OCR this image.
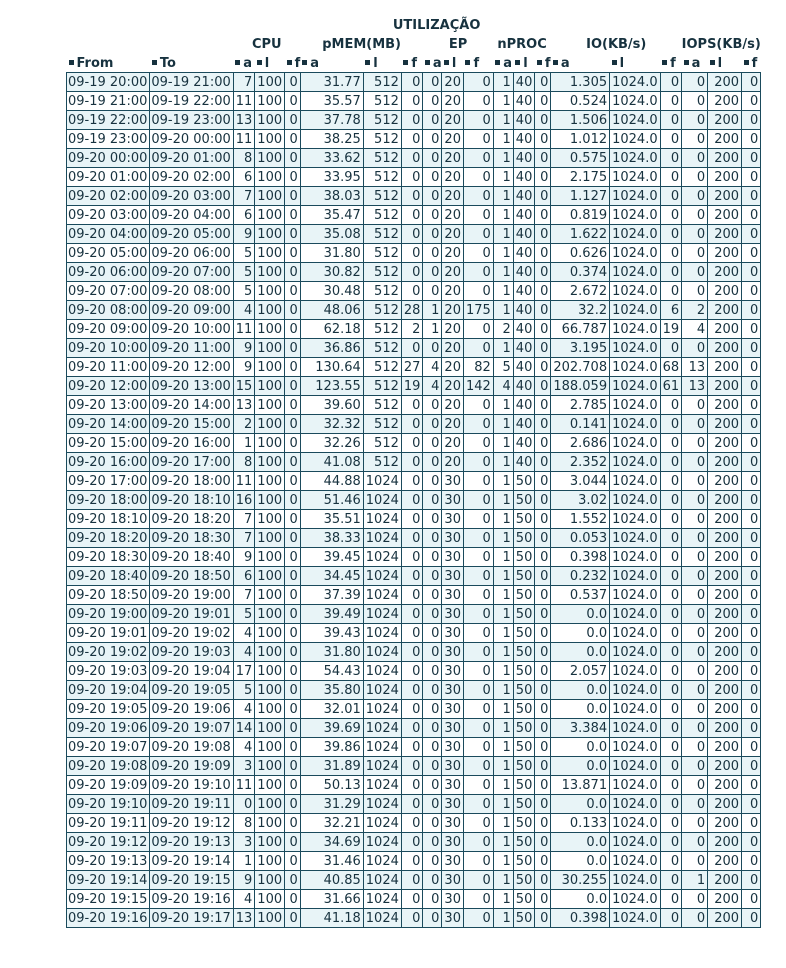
UTILIZAÇÃO																			
		CPU			pMEM(MB)			EP			nPROC			IO(KB/s)			IOPS(KB/s)		
From	To	a	l	f	a	l	f	a	l	f	a	l	f	a	l	f	a	l	f
09-19 20:00	09-19 21:00	7	100	0	31.77	512	0	0	20	0	1	40	0	1.305	1024.0	0	0	200	0
09-19 21:00	09-19 22:00	11	100	0	35.57	512	0	0	20	0	1	40	0	0.524	1024.0	0	0	200	0
09-19 22:00	09-19 23:00	13	100	0	37.78	512	0	0	20	0	1	40	0	1.506	1024.0	0	0	200	0
09-19 23:00	09-20 00:00	11	100	0	38.25	512	0	0	20	0	1	40	0	1.012	1024.0	0	0	200	0
09-20 00:00	09-20 01:00	8	100	0	33.62	512	0	0	20	0	1	40	0	0.575	1024.0	0	0	200	0
09-20 01:00	09-20 02:00	6	100	0	33.95	512	0	0	20	0	1	40	0	2.175	1024.0	0	0	200	0
09-20 02:00	09-20 03:00	7	100	0	38.03	512	0	0	20	0	1	40	0	1.127	1024.0	0	0	200	0
09-20 03:00	09-20 04:00	6	100	0	35.47	512	0	0	20	0	1	40	0	0.819	1024.0	0	0	200	0
09-20 04:00	09-20 05:00	9	100	0	35.08	512	0	0	20	0	1	40	0	1.622	1024.0	0	0	200	0
09-20 05:00	09-20 06:00	5	100	0	31.80	512	0	0	20	0	1	40	0	0.626	1024.0	0	0	200	0
09-20 06:00	09-20 07:00	5	100	0	30.82	512	0	0	20	0	1	40	0	0.374	1024.0	0	0	200	0
09-20 07:00	09-20 08:00	5	100	0	30.48	512	0	0	20	0	1	40	0	2.672	1024.0	0	0	200	0
09-20 08:00	09-20 09:00	4	100	0	48.06	512	28	1	20	175	1	40	0	32.2	1024.0	6	2	200	0
09-20 09:00	09-20 10:00	11	100	0	62.18	512	2	1	20	0	2	40	0	66.787	1024.0	19	4	200	0
09-20 10:00	09-20 11:00	9	100	0	36.86	512	0	0	20	0	1	40	0	3.195	1024.0	0	0	200	0
09-20 11:00	09-20 12:00	9	100	0	130.64	512	27	4	20	82	5	40	0	202.708	1024.0	68	13	200	0
09-20 12:00	09-20 13:00	15	100	0	123.55	512	19	4	20	142	4	40	0	188.059	1024.0	61	13	200	0
09-20 13:00	09-20 14:00	13	100	0	39.60	512	0	0	20	0	1	40	0	2.785	1024.0	0	0	200	0
09-20 14:00	09-20 15:00	2	100	0	32.32	512	0	0	20	0	1	40	0	0.141	1024.0	0	0	200	0
09-20 15:00	09-20 16:00	1	100	0	32.26	512	0	0	20	0	1	40	0	2.686	1024.0	0	0	200	0
09-20 16:00	09-20 17:00	8	100	0	41.08	512	0	0	20	0	1	40	0	2.352	1024.0	0	0	200	0
09-20 17:00	09-20 18:00	11	100	0	44.88	1024	0	0	30	0	1	50	0	3.044	1024.0	0	0	200	0
09-20 18:00	09-20 18:10	16	100	0	51.46	1024	0	0	30	0	1	50	0	3.02	1024.0	0	0	200	0
09-20 18:10	09-20 18:20	7	100	0	35.51	1024	0	0	30	0	1	50	0	1.552	1024.0	0	0	200	0
09-20 18:20	09-20 18:30	7	100	0	38.33	1024	0	0	30	0	1	50	0	0.053	1024.0	0	0	200	0
09-20 18:30	09-20 18:40	9	100	0	39.45	1024	0	0	30	0	1	50	0	0.398	1024.0	0	0	200	0
09-20 18:40	09-20 18:50	6	100	0	34.45	1024	0	0	30	0	1	50	0	0.232	1024.0	0	0	200	0
09-20 18:50	09-20 19:00	7	100	0	37.39	1024	0	0	30	0	1	50	0	0.537	1024.0	0	0	200	0
09-20 19:00	09-20 19:01	5	100	0	39.49	1024	0	0	30	0	1	50	0	0.0	1024.0	0	0	200	0
09-20 19:01	09-20 19:02	4	100	0	39.43	1024	0	0	30	0	1	50	0	0.0	1024.0	0	0	200	0
09-20 19:02	09-20 19:03	4	100	0	31.80	1024	0	0	30	0	1	50	0	0.0	1024.0	0	0	200	0
09-20 19:03	09-20 19:04	17	100	0	54.43	1024	0	0	30	0	1	50	0	2.057	1024.0	0	0	200	0
09-20 19:04	09-20 19:05	5	100	0	35.80	1024	0	0	30	0	1	50	0	0.0	1024.0	0	0	200	0
09-20 19:05	09-20 19:06	4	100	0	32.01	1024	0	0	30	0	1	50	0	0.0	1024.0	0	0	200	0
09-20 19:06	09-20 19:07	14	100	0	39.69	1024	0	0	30	0	1	50	0	3.384	1024.0	0	0	200	0
09-20 19:07	09-20 19:08	4	100	0	39.86	1024	0	0	30	0	1	50	0	0.0	1024.0	0	0	200	0
09-20 19:08	09-20 19:09	3	100	0	31.89	1024	0	0	30	0	1	50	0	0.0	1024.0	0	0	200	0
09-20 19:09	09-20 19:10	11	100	0	50.13	1024	0	0	30	0	1	50	0	13.871	1024.0	0	0	200	0
09-20 19:10	09-20 19:11	0	100	0	31.29	1024	0	0	30	0	1	50	0	0.0	1024.0	0	0	200	0
09-20 19:11	09-20 19:12	8	100	0	32.21	1024	0	0	30	0	1	50	0	0.133	1024.0	0	0	200	0
09-20 19:12	09-20 19:13	3	100	0	34.69	1024	0	0	30	0	1	50	0	0.0	1024.0	0	0	200	0
09-20 19:13	09-20 19:14	1	100	0	31.46	1024	0	0	30	0	1	50	0	0.0	1024.0	0	0	200	0
09-20 19:14	09-20 19:15	9	100	0	40.85	1024	0	0	30	0	1	50	0	30.255	1024.0	0	1	200	0
09-20 19:15	09-20 19:16	4	100	0	31.66	1024	0	0	30	0	1	50	0	0.0	1024.0	0	0	200	0
09-20 19:16	09-20 19:17	13	100	0	41.18	1024	0	0	30	0	1	50	0	0.398	1024.0	0	0	200	0
